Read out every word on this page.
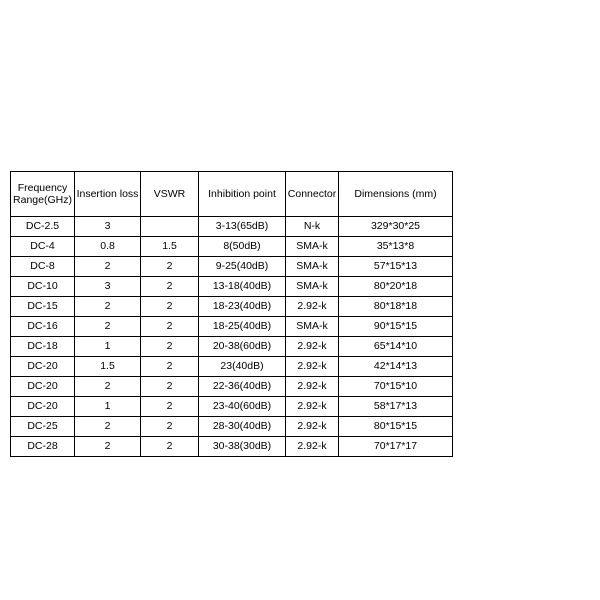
Frequency Range(GHz)	Insertion loss	VSWR	Inhibition point	Connector	Dimensions (mm)
DC-2.5	3		3-13(65dB)	N-k	329*30*25
DC-4	0.8	1.5	8(50dB)	SMA-k	35*13*8
DC-8	2	2	9-25(40dB)	SMA-k	57*15*13
DC-10	3	2	13-18(40dB)	SMA-k	80*20*18
DC-15	2	2	18-23(40dB)	2.92-k	80*18*18
DC-16	2	2	18-25(40dB)	SMA-k	90*15*15
DC-18	1	2	20-38(60dB)	2.92-k	65*14*10
DC-20	1.5	2	23(40dB)	2.92-k	42*14*13
DC-20	2	2	22-36(40dB)	2.92-k	70*15*10
DC-20	1	2	23-40(60dB)	2.92-k	58*17*13
DC-25	2	2	28-30(40dB)	2.92-k	80*15*15
DC-28	2	2	30-38(30dB)	2.92-k	70*17*17
